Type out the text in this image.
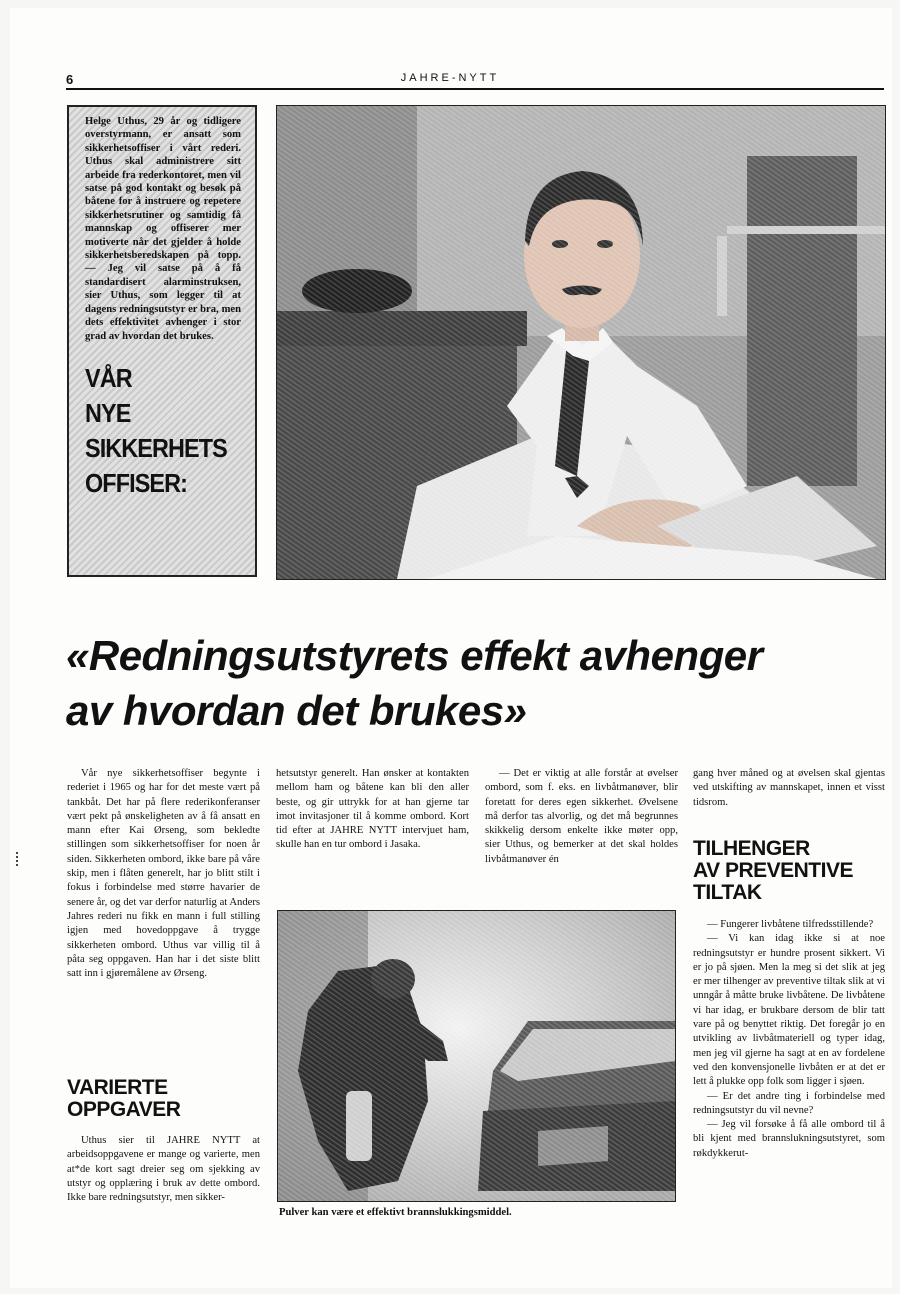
6	JAHRE-NYTT

Helge Uthus, 29 år og tidligere overstyrmann, er ansatt som sikkerhetsoffiser i vårt rederi. Uthus skal administrere sitt arbeide fra rederkontoret, men vil satse på god kontakt og besøk på båtene for å instruere og repetere sikkerhetsrutiner og samtidig få mannskap og offiserer mer motiverte når det gjelder å holde sikkerhetsberedskapen på topp. — Jeg vil satse på å få standardisert alarminstruksen, sier Uthus, som legger til at dagens redningsutstyr er bra, men dets effektivitet avhenger i stor grad av hvordan det brukes.

VÅR
NYE
SIKKERHETS
OFFISER:
«Redningsutstyrets effekt avhenger
av hvordan det brukes»

Vår nye sikkerhetsoffiser begynte i rederiet i 1965 og har for det meste vært på tankbåt. Det har på flere rederikonferanser vært pekt på ønskeligheten av å få ansatt en mann efter Kai Ørseng, som bekledte stillingen som sikkerhetsoffiser for noen år siden. Sikkerheten ombord, ikke bare på våre skip, men i flåten generelt, har jo blitt stilt i fokus i forbindelse med større havarier de senere år, og det var derfor naturlig at Anders Jahres rederi nu fikk en mann i full stilling igjen med hovedoppgave å trygge sikkerheten ombord. Uthus var villig til å påta seg oppgaven. Han har i det siste blitt satt inn i gjøremålene av Ørseng.

VARIERTE
OPPGAVER

Uthus sier til JAHRE NYTT at arbeidsoppgavene er mange og varierte, men at*de kort sagt dreier seg om sjekking av utstyr og opplæring i bruk av dette ombord. Ikke bare redningsutstyr, men sikker-

hetsutstyr generelt. Han ønsker at kontakten mellom ham og båtene kan bli den aller beste, og gir uttrykk for at han gjerne tar imot invitasjoner til å komme ombord. Kort tid efter at JAHRE NYTT intervjuet ham, skulle han en tur ombord i Jasaka.

— Det er viktig at alle forstår at øvelser ombord, som f. eks. en livbåtmanøver, blir foretatt for deres egen sikkerhet. Øvelsene må derfor tas alvorlig, og det må begrunnes skikkelig dersom enkelte ikke møter opp, sier Uthus, og bemerker at det skal holdes livbåtmanøver én

gang hver måned og at øvelsen skal gjentas ved utskifting av mannskapet, innen et visst tidsrom.

TILHENGER
AV PREVENTIVE
TILTAK

— Fungerer livbåtene tilfredsstillende?

— Vi kan idag ikke si at noe redningsutstyr er hundre prosent sikkert. Vi er jo på sjøen. Men la meg si det slik at jeg er mer tilhenger av preventive tiltak slik at vi unngår å måtte bruke livbåtene. De livbåtene vi har idag, er brukbare dersom de blir tatt vare på og benyttet riktig. Det foregår jo en utvikling av livbåtmateriell og typer idag, men jeg vil gjerne ha sagt at en av fordelene ved den konvensjonelle livbåten er at det er lett å plukke opp folk som ligger i sjøen.

— Er det andre ting i forbindelse med redningsutstyr du vil nevne?

— Jeg vil forsøke å få alle ombord til å bli kjent med brannslukningsutstyret, som røkdykkerut-

Pulver kan være et effektivt brannslukkingsmiddel.
